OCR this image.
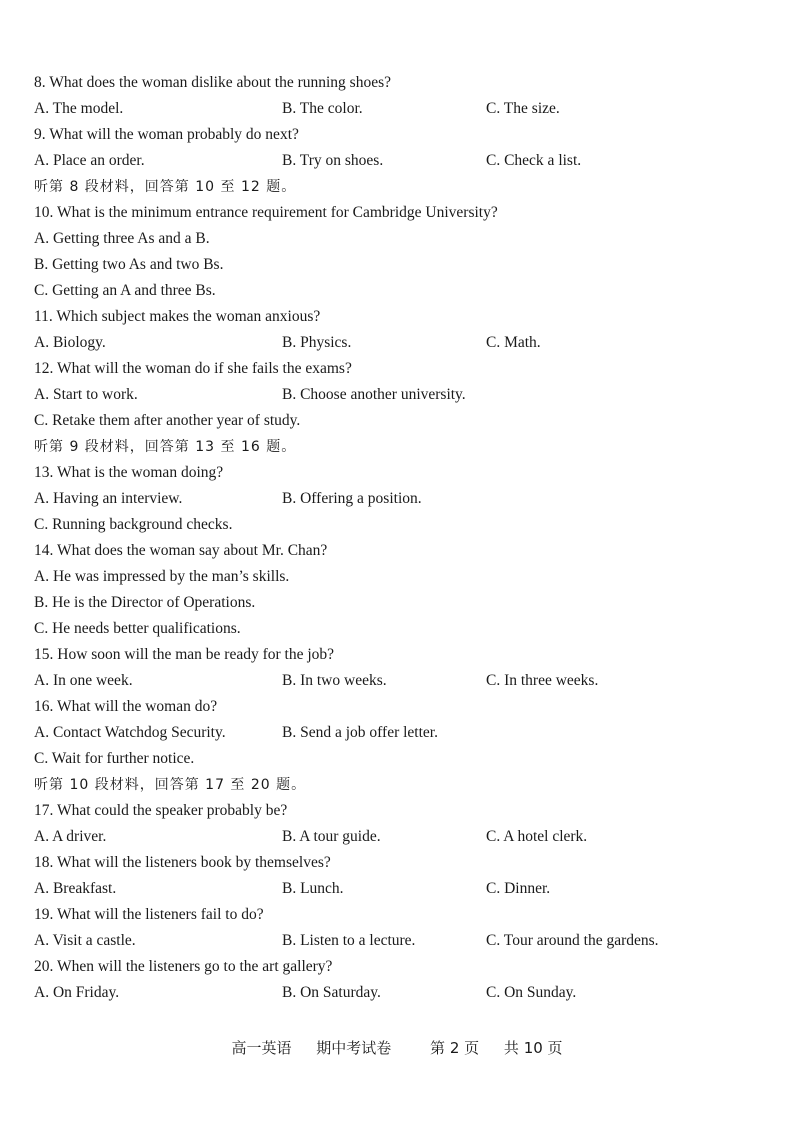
8. What does the woman dislike about the running shoes?
A. The model.	B. The color.	C. The size.
9. What will the woman probably do next?
A. Place an order.	B. Try on shoes.	C. Check a list.
听第 8 段材料，回答第 10 至 12 题。
10. What is the minimum entrance requirement for Cambridge University?
A. Getting three As and a B.
B. Getting two As and two Bs.
C. Getting an A and three Bs.
11. Which subject makes the woman anxious?
A. Biology.	B. Physics.	C. Math.
12. What will the woman do if she fails the exams?
A. Start to work.	B. Choose another university.
C. Retake them after another year of study.
听第 9 段材料，回答第 13 至 16 题。
13. What is the woman doing?
A. Having an interview.	B. Offering a position.
C. Running background checks.
14. What does the woman say about Mr. Chan?
A. He was impressed by the man’s skills.
B. He is the Director of Operations.
C. He needs better qualifications.
15. How soon will the man be ready for the job?
A. In one week.	B. In two weeks.	C. In three weeks.
16. What will the woman do?
A. Contact Watchdog Security.	B. Send a job offer letter.
C. Wait for further notice.
听第 10 段材料，回答第 17 至 20 题。
17. What could the speaker probably be?
A. A driver.	B. A tour guide.	C. A hotel clerk.
18. What will the listeners book by themselves?
A. Breakfast.	B. Lunch.	C. Dinner.
19. What will the listeners fail to do?
A. Visit a castle.	B. Listen to a lecture.	C. Tour around the gardens.
20. When will the listeners go to the art gallery?
A. On Friday.	B. On Saturday.	C. On Sunday.
高一英语 期中考试卷	第 2 页 共 10 页
